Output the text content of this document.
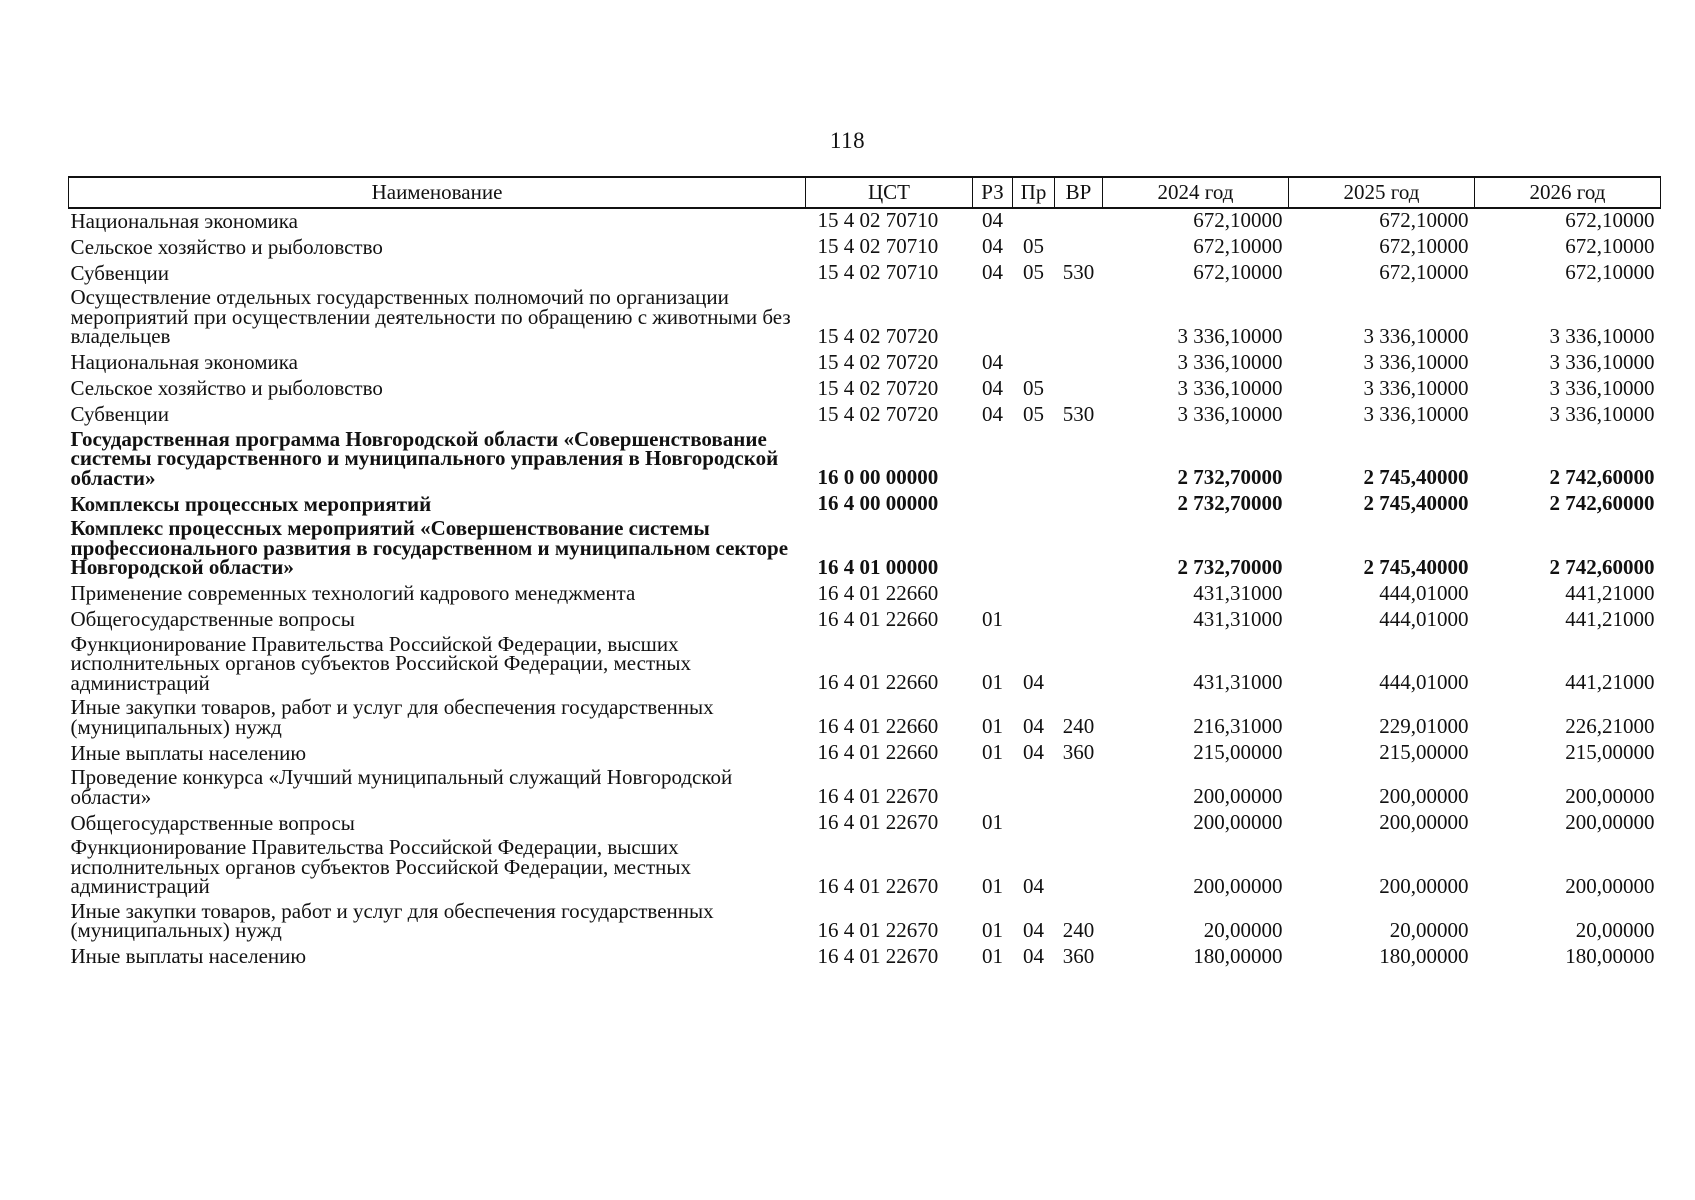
118
Наименование	ЦСТ	РЗ	Пр	ВР	2024 год	2025 год	2026 год
Национальная экономика	15 4 02 70710	04			672,10000	672,10000	672,10000
Сельское хозяйство и рыболовство	15 4 02 70710	04	05		672,10000	672,10000	672,10000
Субвенции	15 4 02 70710	04	05	530	672,10000	672,10000	672,10000
Осуществление отдельных государственных полномочий по организации мероприятий при осуществлении деятельности по обращению с животными без владельцев	15 4 02 70720				3 336,10000	3 336,10000	3 336,10000
Национальная экономика	15 4 02 70720	04			3 336,10000	3 336,10000	3 336,10000
Сельское хозяйство и рыболовство	15 4 02 70720	04	05		3 336,10000	3 336,10000	3 336,10000
Субвенции	15 4 02 70720	04	05	530	3 336,10000	3 336,10000	3 336,10000
Государственная программа Новгородской области «Совершенствование системы государственного и муниципального управления в Новгородской области»	16 0 00 00000				2 732,70000	2 745,40000	2 742,60000
Комплексы процессных мероприятий	16 4 00 00000				2 732,70000	2 745,40000	2 742,60000
Комплекс процессных мероприятий «Совершенствование системы профессионального развития в государственном и муниципальном секторе Новгородской области»	16 4 01 00000				2 732,70000	2 745,40000	2 742,60000
Применение современных технологий кадрового менеджмента	16 4 01 22660				431,31000	444,01000	441,21000
Общегосударственные вопросы	16 4 01 22660	01			431,31000	444,01000	441,21000
Функционирование Правительства Российской Федерации, высших исполнительных органов субъектов Российской Федерации, местных администраций	16 4 01 22660	01	04		431,31000	444,01000	441,21000
Иные закупки товаров, работ и услуг для обеспечения государственных (муниципальных) нужд	16 4 01 22660	01	04	240	216,31000	229,01000	226,21000
Иные выплаты населению	16 4 01 22660	01	04	360	215,00000	215,00000	215,00000
Проведение конкурса «Лучший муниципальный служащий Новгородской области»	16 4 01 22670				200,00000	200,00000	200,00000
Общегосударственные вопросы	16 4 01 22670	01			200,00000	200,00000	200,00000
Функционирование Правительства Российской Федерации, высших исполнительных органов субъектов Российской Федерации, местных администраций	16 4 01 22670	01	04		200,00000	200,00000	200,00000
Иные закупки товаров, работ и услуг для обеспечения государственных (муниципальных) нужд	16 4 01 22670	01	04	240	20,00000	20,00000	20,00000
Иные выплаты населению	16 4 01 22670	01	04	360	180,00000	180,00000	180,00000
